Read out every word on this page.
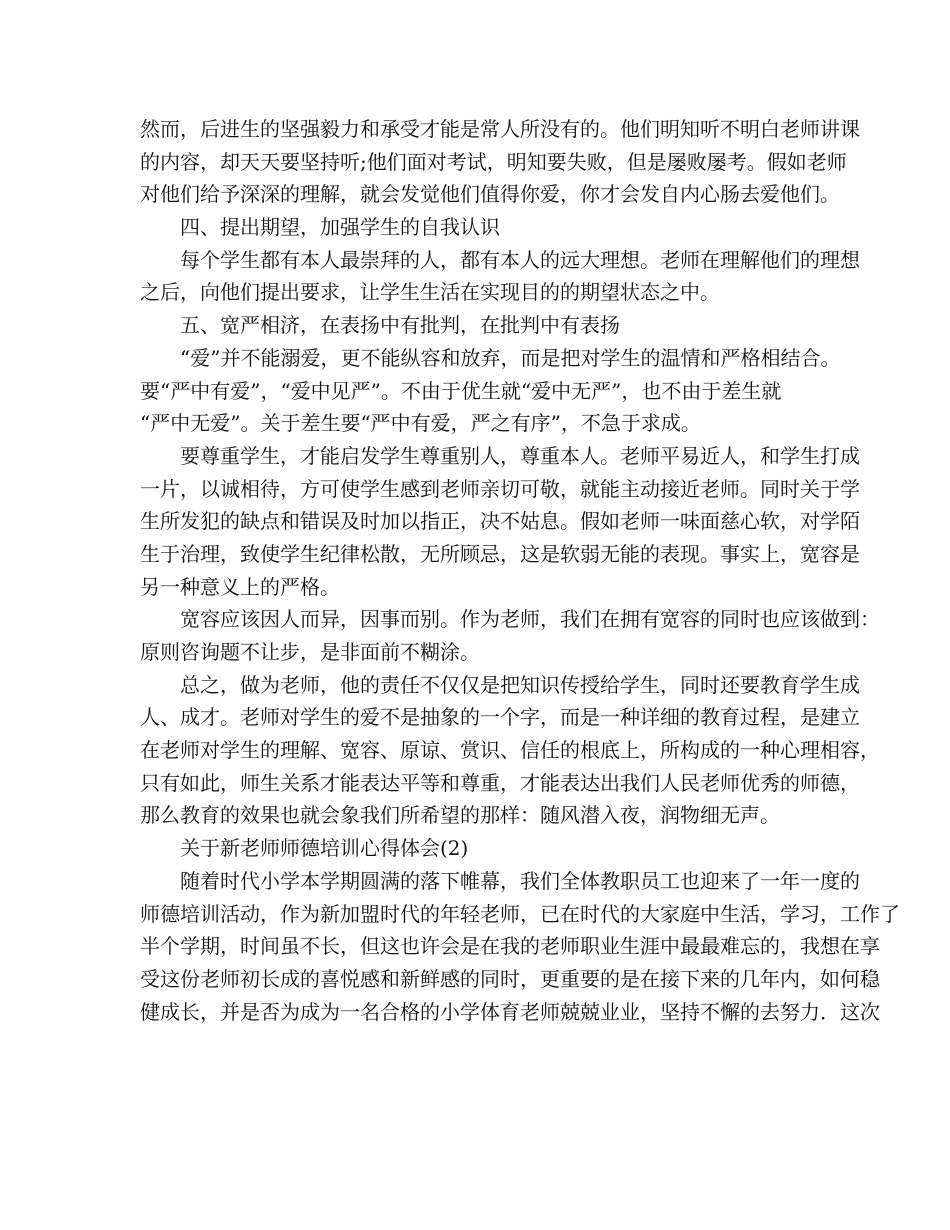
然而，后进生的坚强毅力和承受才能是常人所没有的。他们明知听不明白老师讲课
的内容，却天天要坚持听;他们面对考试，明知要失败，但是屡败屡考。假如老师
对他们给予深深的理解，就会发觉他们值得你爱，你才会发自内心肠去爱他们。
四、提出期望，加强学生的自我认识
每个学生都有本人最崇拜的人，都有本人的远大理想。老师在理解他们的理想
之后，向他们提出要求，让学生生活在实现目的的期望状态之中。
五、宽严相济，在表扬中有批判，在批判中有表扬
“爱”并不能溺爱，更不能纵容和放弃，而是把对学生的温情和严格相结合。
要“严中有爱”，“爱中见严”。不由于优生就“爱中无严”，也不由于差生就
“严中无爱”。关于差生要“严中有爱，严之有序”，不急于求成。
要尊重学生，才能启发学生尊重别人，尊重本人。老师平易近人，和学生打成
一片，以诚相待，方可使学生感到老师亲切可敬，就能主动接近老师。同时关于学
生所发犯的缺点和错误及时加以指正，决不姑息。假如老师一味面慈心软，对学陌
生于治理，致使学生纪律松散，无所顾忌，这是软弱无能的表现。事实上，宽容是
另一种意义上的严格。
宽容应该因人而异，因事而别。作为老师，我们在拥有宽容的同时也应该做到：
原则咨询题不让步，是非面前不糊涂。
总之，做为老师，他的责任不仅仅是把知识传授给学生，同时还要教育学生成
人、成才。老师对学生的爱不是抽象的一个字，而是一种详细的教育过程，是建立
在老师对学生的理解、宽容、原谅、赏识、信任的根底上，所构成的一种心理相容，
只有如此，师生关系才能表达平等和尊重，才能表达出我们人民老师优秀的师德，
那么教育的效果也就会象我们所希望的那样：随风潜入夜，润物细无声。
关于新老师师德培训心得体会(2)
随着时代小学本学期圆满的落下帷幕，我们全体教职员工也迎来了一年一度的
师德培训活动，作为新加盟时代的年轻老师，已在时代的大家庭中生活，学习，工作了
半个学期，时间虽不长，但这也许会是在我的老师职业生涯中最最难忘的，我想在享
受这份老师初长成的喜悦感和新鲜感的同时，更重要的是在接下来的几年内，如何稳
健成长，并是否为成为一名合格的小学体育老师兢兢业业，坚持不懈的去努力．这次
